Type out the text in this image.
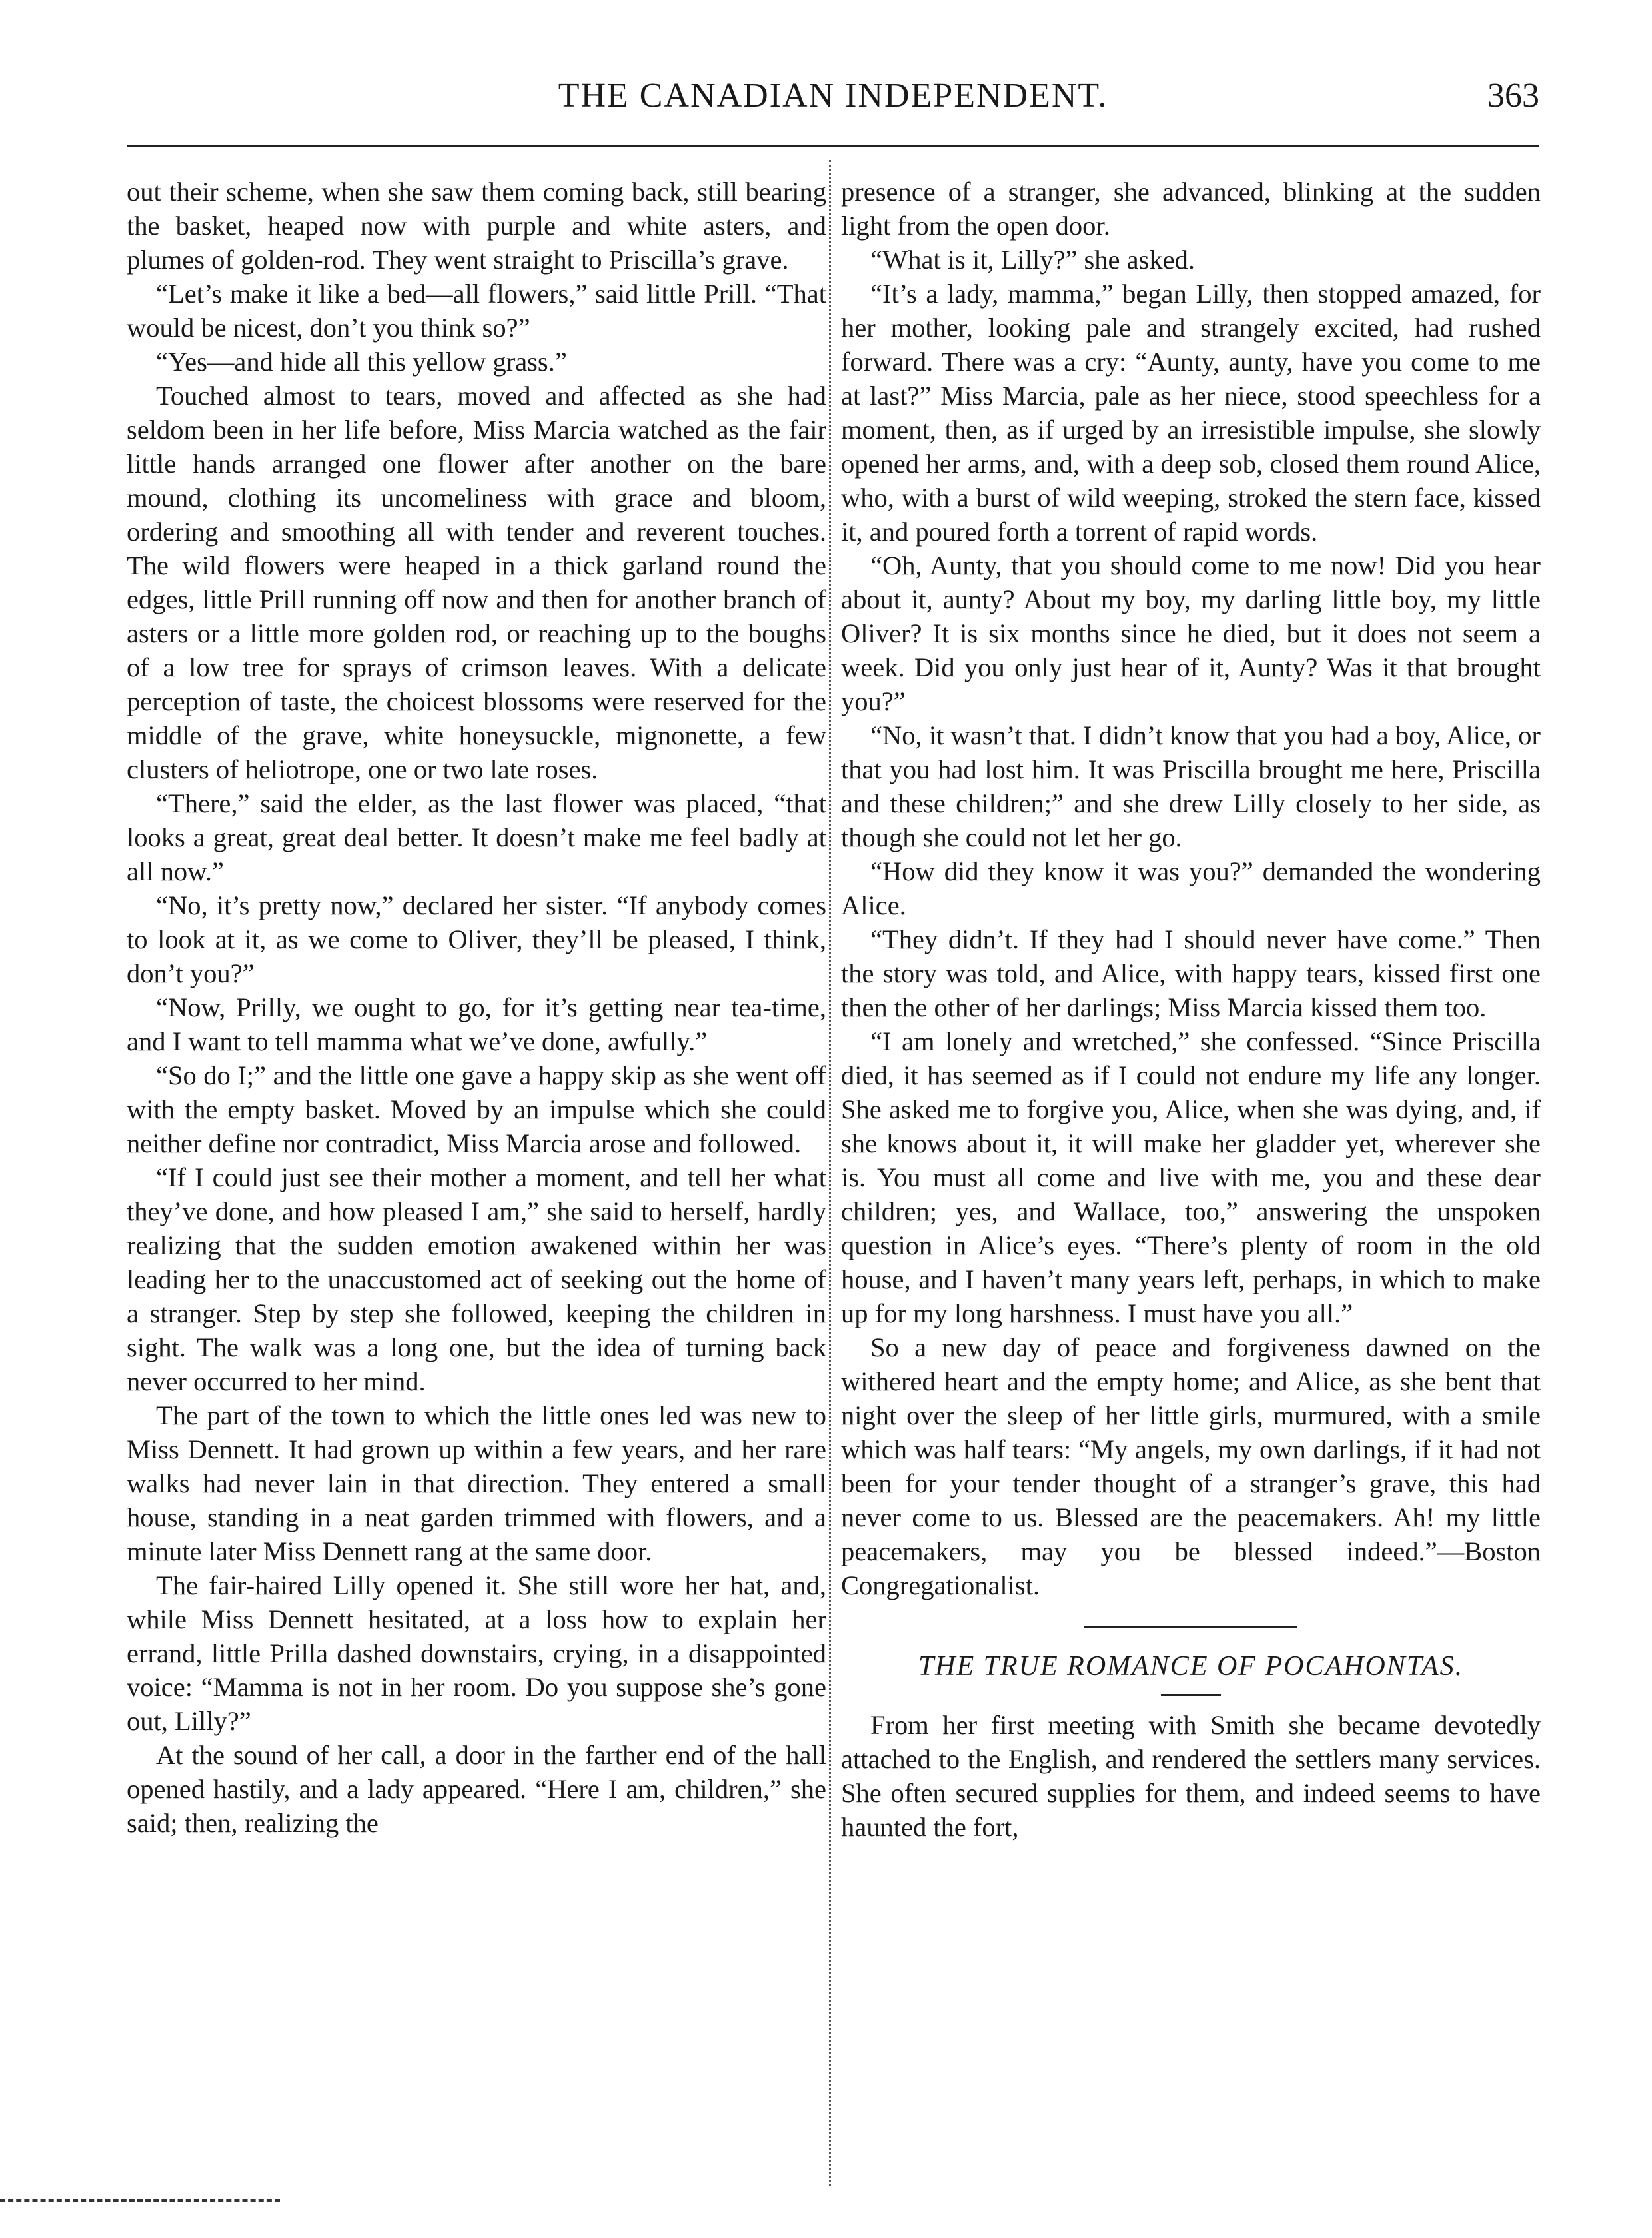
THE CANADIAN INDEPENDENT.	363

out their scheme, when she saw them coming back, still bearing the basket, heaped now with purple and white asters, and plumes of golden-rod. They went straight to Priscilla’s grave.

“Let’s make it like a bed—all flowers,” said little Prill. “That would be nicest, don’t you think so?”

“Yes—and hide all this yellow grass.”

Touched almost to tears, moved and affected as she had seldom been in her life before, Miss Marcia watched as the fair little hands arranged one flower after another on the bare mound, clothing its uncomeliness with grace and bloom, ordering and smoothing all with tender and reverent touches. The wild flowers were heaped in a thick garland round the edges, little Prill running off now and then for another branch of asters or a little more golden rod, or reaching up to the boughs of a low tree for sprays of crimson leaves. With a delicate perception of taste, the choicest blossoms were reserved for the middle of the grave, white honeysuckle, mignonette, a few clusters of heliotrope, one or two late roses.

“There,” said the elder, as the last flower was placed, “that looks a great, great deal better. It doesn’t make me feel badly at all now.”

“No, it’s pretty now,” declared her sister. “If anybody comes to look at it, as we come to Oliver, they’ll be pleased, I think, don’t you?”

“Now, Prilly, we ought to go, for it’s getting near tea-time, and I want to tell mamma what we’ve done, awfully.”

“So do I;” and the little one gave a happy skip as she went off with the empty basket. Moved by an impulse which she could neither define nor contradict, Miss Marcia arose and followed.

“If I could just see their mother a moment, and tell her what they’ve done, and how pleased I am,” she said to herself, hardly realizing that the sudden emotion awakened within her was leading her to the unaccustomed act of seeking out the home of a stranger. Step by step she followed, keeping the children in sight. The walk was a long one, but the idea of turning back never occurred to her mind.

The part of the town to which the little ones led was new to Miss Dennett. It had grown up within a few years, and her rare walks had never lain in that direction. They entered a small house, standing in a neat garden trimmed with flowers, and a minute later Miss Dennett rang at the same door.

The fair-haired Lilly opened it. She still wore her hat, and, while Miss Dennett hesitated, at a loss how to explain her errand, little Prilla dashed downstairs, crying, in a disappointed voice: “Mamma is not in her room. Do you suppose she’s gone out, Lilly?”

At the sound of her call, a door in the farther end of the hall opened hastily, and a lady appeared. “Here I am, children,” she said; then, realizing the

presence of a stranger, she advanced, blinking at the sudden light from the open door.

“What is it, Lilly?” she asked.

“It’s a lady, mamma,” began Lilly, then stopped amazed, for her mother, looking pale and strangely excited, had rushed forward. There was a cry: “Aunty, aunty, have you come to me at last?” Miss Marcia, pale as her niece, stood speechless for a moment, then, as if urged by an irresistible impulse, she slowly opened her arms, and, with a deep sob, closed them round Alice, who, with a burst of wild weeping, stroked the stern face, kissed it, and poured forth a torrent of rapid words.

“Oh, Aunty, that you should come to me now! Did you hear about it, aunty? About my boy, my darling little boy, my little Oliver? It is six months since he died, but it does not seem a week. Did you only just hear of it, Aunty? Was it that brought you?”

“No, it wasn’t that. I didn’t know that you had a boy, Alice, or that you had lost him. It was Priscilla brought me here, Priscilla and these children;” and she drew Lilly closely to her side, as though she could not let her go.

“How did they know it was you?” demanded the wondering Alice.

“They didn’t. If they had I should never have come.” Then the story was told, and Alice, with happy tears, kissed first one then the other of her darlings; Miss Marcia kissed them too.

“I am lonely and wretched,” she confessed. “Since Priscilla died, it has seemed as if I could not endure my life any longer. She asked me to forgive you, Alice, when she was dying, and, if she knows about it, it will make her gladder yet, wherever she is. You must all come and live with me, you and these dear children; yes, and Wallace, too,” answering the unspoken question in Alice’s eyes. “There’s plenty of room in the old house, and I haven’t many years left, perhaps, in which to make up for my long harshness. I must have you all.”

So a new day of peace and forgiveness dawned on the withered heart and the empty home; and Alice, as she bent that night over the sleep of her little girls, murmured, with a smile which was half tears: “My angels, my own darlings, if it had not been for your tender thought of a stranger’s grave, this had never come to us. Blessed are the peacemakers. Ah! my little peacemakers, may you be blessed indeed.”—Boston Congregationalist.

THE TRUE ROMANCE OF POCAHONTAS.

From her first meeting with Smith she became devotedly attached to the English, and rendered the settlers many services. She often secured supplies for them, and indeed seems to have haunted the fort,
